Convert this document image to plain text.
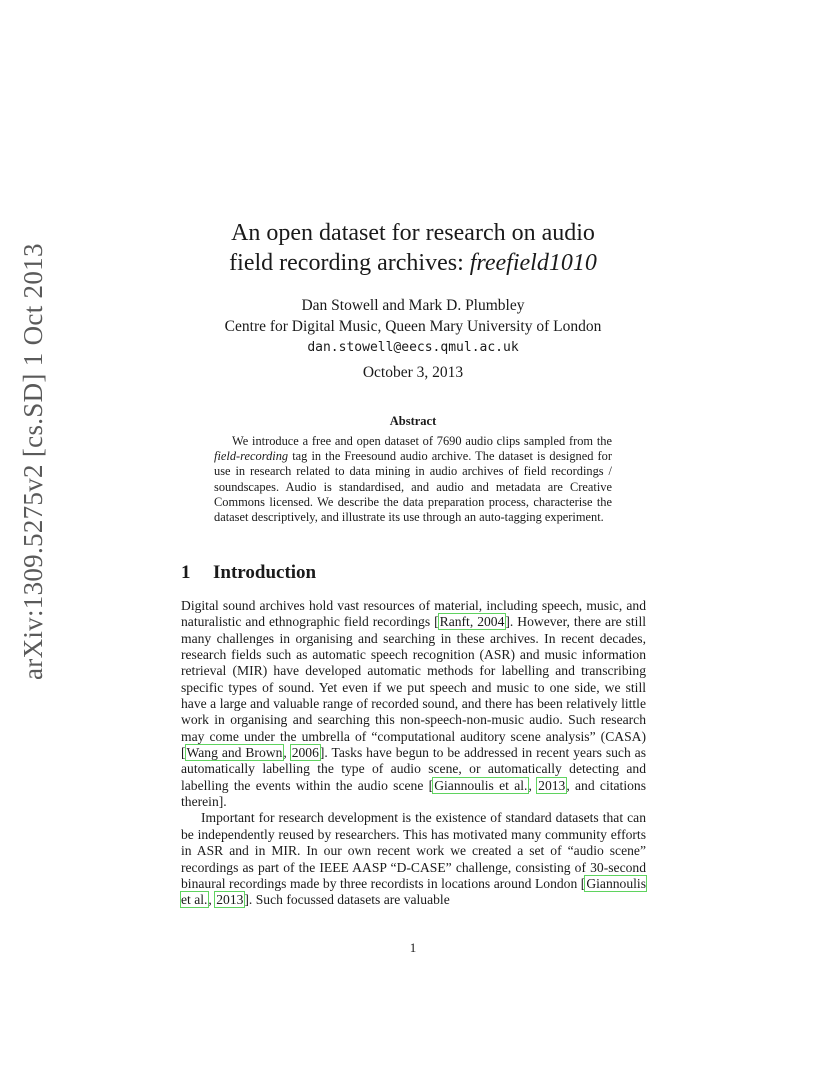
arXiv:1309.5275v2 [cs.SD] 1 Oct 2013
An open dataset for research on audio
field recording archives: freefield1010
Dan Stowell and Mark D. Plumbley
Centre for Digital Music, Queen Mary University of London
dan.stowell@eecs.qmul.ac.uk
October 3, 2013
Abstract
We introduce a free and open dataset of 7690 audio clips sampled from the field-recording tag in the Freesound audio archive. The dataset is designed for use in research related to data mining in audio archives of field recordings / soundscapes. Audio is standardised, and audio and metadata are Creative Commons licensed. We describe the data preparation process, characterise the dataset descriptively, and illustrate its use through an auto-tagging experiment.
1 Introduction

Digital sound archives hold vast resources of material, including speech, music, and naturalistic and ethnographic field recordings [Ranft, 2004]. However, there are still many challenges in organising and searching in these archives. In recent decades, research fields such as automatic speech recognition (ASR) and music information retrieval (MIR) have developed automatic methods for labelling and transcribing specific types of sound. Yet even if we put speech and music to one side, we still have a large and valuable range of recorded sound, and there has been relatively little work in organising and searching this non-speech-non-music audio. Such research may come under the umbrella of “computational auditory scene analysis” (CASA) [Wang and Brown, 2006]. Tasks have begun to be addressed in recent years such as automatically labelling the type of audio scene, or automatically detecting and labelling the events within the audio scene [Giannoulis et al., 2013, and citations therein].

Important for research development is the existence of standard datasets that can be independently reused by researchers. This has motivated many community efforts in ASR and in MIR. In our own recent work we created a set of “audio scene” recordings as part of the IEEE AASP “D-CASE” challenge, consisting of 30-second binaural recordings made by three recordists in locations around London [Giannoulis et al., 2013]. Such focussed datasets are valuable

1
